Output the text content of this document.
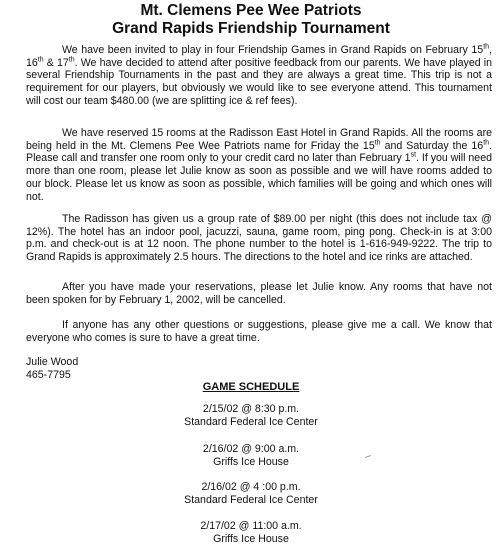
Mt. Clemens Pee Wee Patriots
Grand Rapids Friendship Tournament

We have been invited to play in four Friendship Games in Grand Rapids on February 15th, 16th & 17th. We have decided to attend after positive feedback from our parents. We have played in several Friendship Tournaments in the past and they are always a great time. This trip is not a requirement for our players, but obviously we would like to see everyone attend. This tournament will cost our team $480.00 (we are splitting ice & ref fees).

We have reserved 15 rooms at the Radisson East Hotel in Grand Rapids. All the rooms are being held in the Mt. Clemens Pee Wee Patriots name for Friday the 15th and Saturday the 16th. Please call and transfer one room only to your credit card no later than February 1st. If you will need more than one room, please let Julie know as soon as possible and we will have rooms added to our block. Please let us know as soon as possible, which families will be going and which ones will not.

The Radisson has given us a group rate of $89.00 per night (this does not include tax @ 12%). The hotel has an indoor pool, jacuzzi, sauna, game room, ping pong. Check-in is at 3:00 p.m. and check-out is at 12 noon. The phone number to the hotel is 1-616-949-9222. The trip to Grand Rapids is approximately 2.5 hours. The directions to the hotel and ice rinks are attached.

After you have made your reservations, please let Julie know. Any rooms that have not been spoken for by February 1, 2002, will be cancelled.

If anyone has any other questions or suggestions, please give me a call. We know that everyone who comes is sure to have a great time.

Julie Wood
465-7795
GAME SCHEDULE
2/15/02 @ 8:30 p.m.
Standard Federal Ice Center
2/16/02 @ 9:00 a.m.
Griffs Ice House
2/16/02 @ 4 :00 p.m.
Standard Federal Ice Center
2/17/02 @ 11:00 a.m.
Griffs Ice House
